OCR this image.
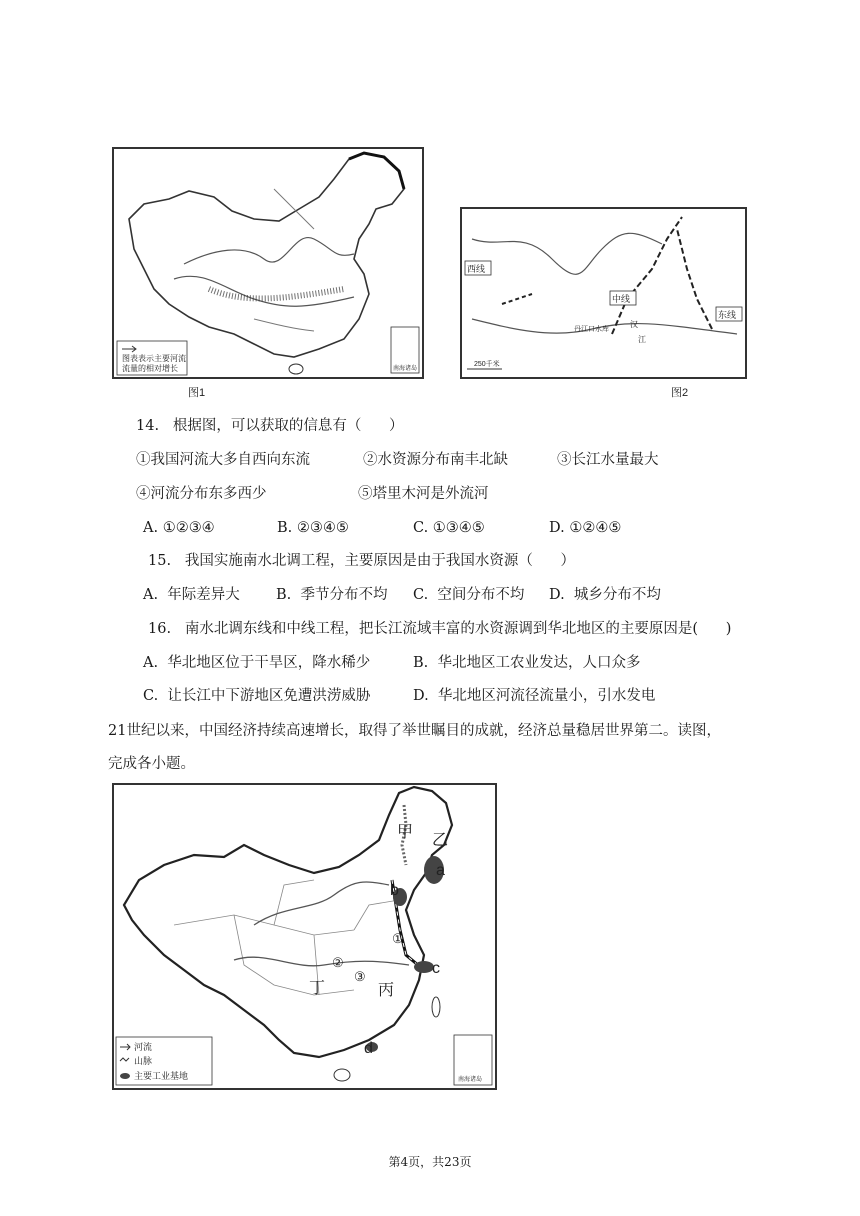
图表表示主要河流
流量的相对增长	南海诸岛
图1
西线
中线
东线
丹江口水库
汉
江
250千米
图2
14.   根据图，可以获取的信息有（      ）
①我国河流大多自西向东流	②水资源分布南丰北缺	③长江水量最大
④河流分布东多西少	⑤塔里木河是外流河
A. ①②③④	B. ②③④⑤	C. ①③④⑤	D. ①②④⑤
15.   我国实施南水北调工程，主要原因是由于我国水资源（      ）
A.  年际差异大 B.  季节分布不均 C.  空间分布不均 D.  城乡分布不均
16.   南水北调东线和中线工程，把长江流域丰富的水资源调到华北地区的主要原因是(      )
A.  华北地区位于干旱区，降水稀少	B.  华北地区工农业发达，人口众多
C.  让长江中下游地区免遭洪涝威胁	D.  华北地区河流径流量小，引水发电
21世纪以来，中国经济持续高速增长，取得了举世瞩目的成就，经济总量稳居世界第二。读图，
完成各小题。
甲 乙
a
b
c
d
丙
丁
①
②
③
河流
山脉
主要工业基地	南海诸岛
第4页，共23页
